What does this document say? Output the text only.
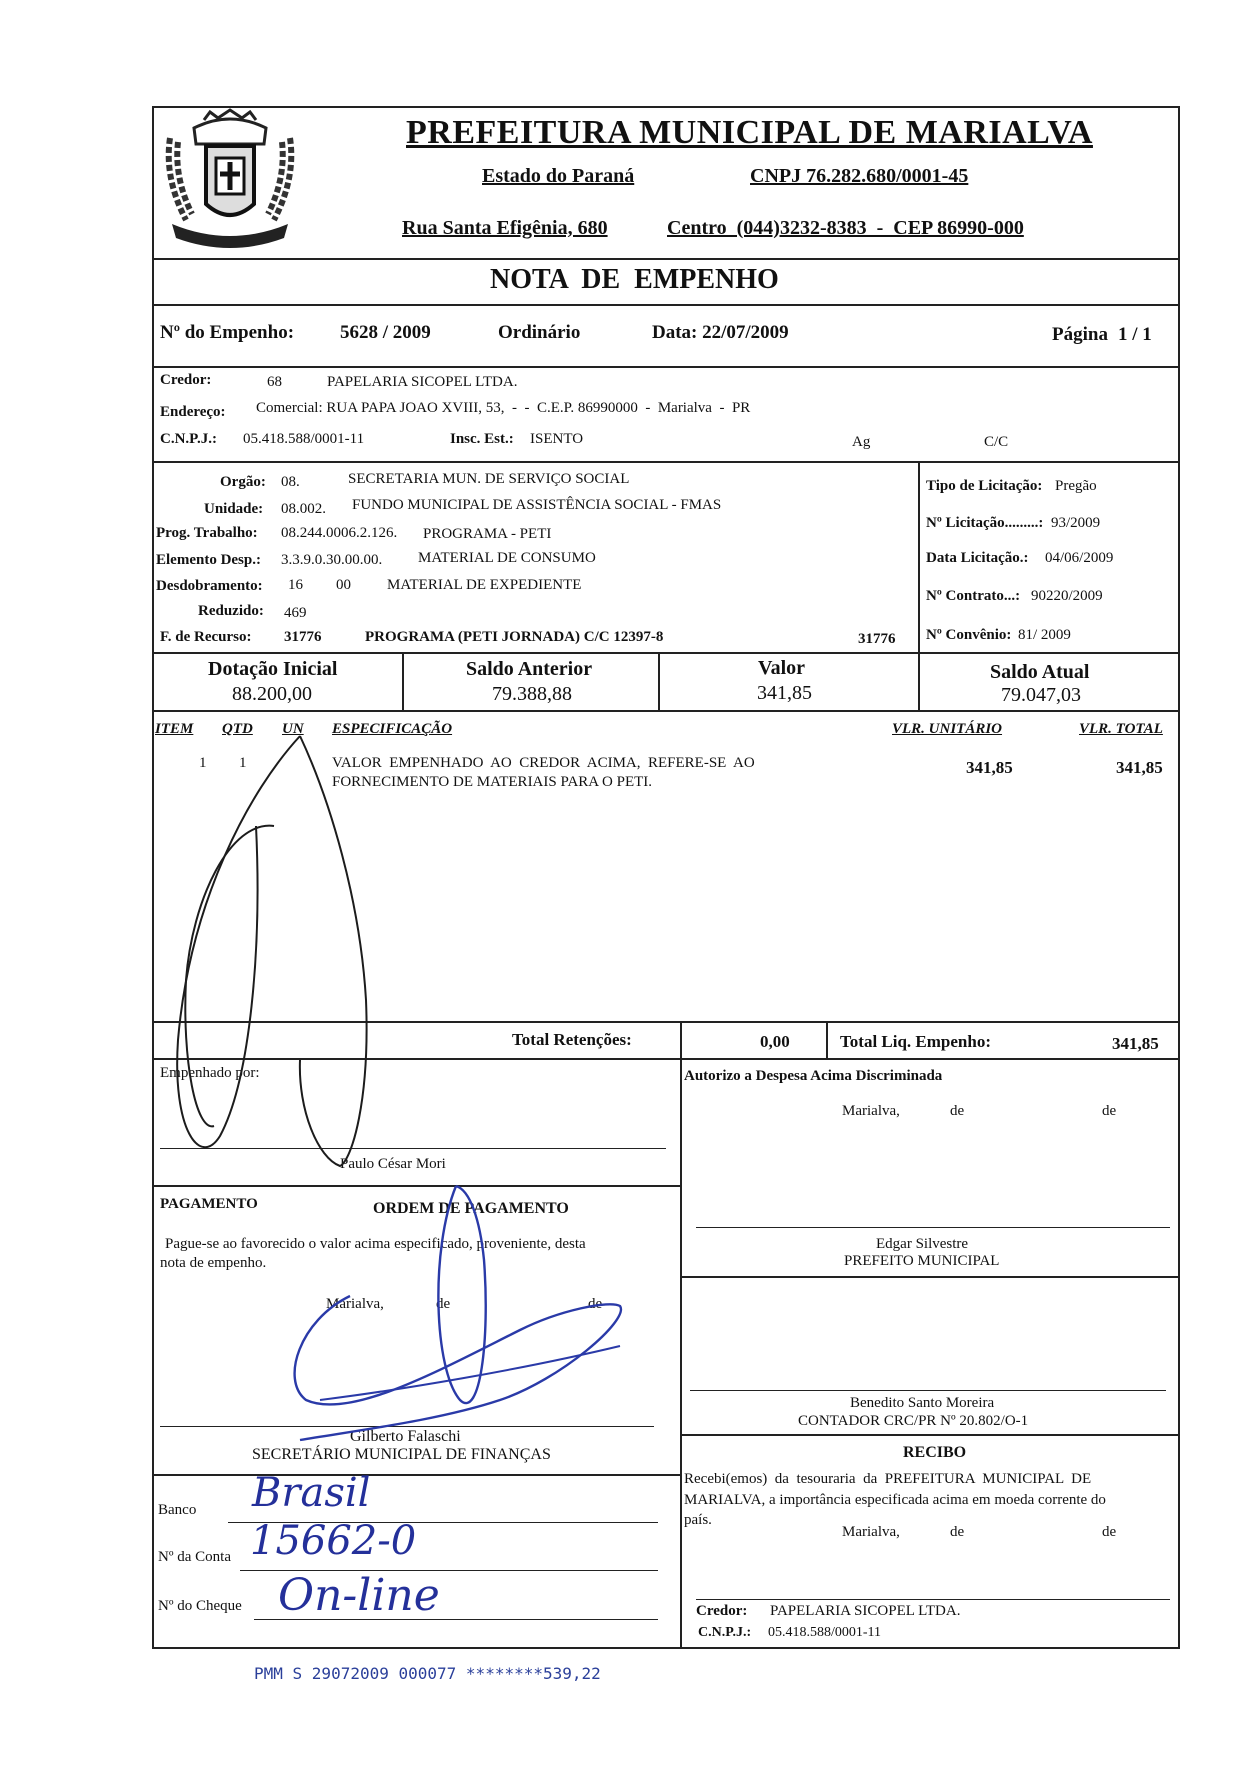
PREFEITURA MUNICIPAL DE MARIALVA
Estado do Paraná	CNPJ 76.282.680/0001-45
Rua Santa Efigênia, 680	Centro  (044)3232-8383  -  CEP 86990-000
NOTA  DE  EMPENHO
Nº do Empenho: 5628 / 2009	Ordinário	Data: 22/07/2009	Página 1 / 1
Credor:	68	PAPELARIA SICOPEL LTDA.
Endereço: Comercial: RUA PAPA JOAO XVIII, 53,  -  -  C.E.P. 86990000  -  Marialva  -  PR
C.N.P.J.: 05.418.588/0001-11	Insc. Est.: ISENTO	Ag	C/C
Orgão: 08.	SECRETARIA MUN. DE SERVIÇO SOCIAL
Unidade: 08.002. FUNDO MUNICIPAL DE ASSISTÊNCIA SOCIAL - FMAS
Prog. Trabalho: 08.244.0006.2.126. PROGRAMA - PETI
Elemento Desp.: 3.3.9.0.30.00.00. MATERIAL DE CONSUMO
Desdobramento: 16 00 MATERIAL DE EXPEDIENTE
Reduzido: 469
F. de Recurso: 31776	PROGRAMA (PETI JORNADA) C/C 12397-8	31776
Tipo de Licitação: Pregão
Nº Licitação.........: 93/2009
Data Licitação.: 04/06/2009
Nº Contrato...: 90220/2009
Nº Convênio: 81/ 2009
Dotação Inicial
88.200,00
Saldo Anterior
79.388,88
Valor
341,85
Saldo Atual
79.047,03
ITEM QTD UN ESPECIFICAÇÃO	VLR. UNITÁRIO	VLR. TOTAL
1 1	VALOR  EMPENHADO  AO  CREDOR  ACIMA,  REFERE-SE  AO
FORNECIMENTO DE MATERIAIS PARA O PETI.
341,85	341,85
Total Retenções:	0,00	Total Liq. Empenho:	341,85
Empenhado por:
Paulo César Mori
Autorizo a Despesa Acima Discriminada
Marialva,	de	de
PAGAMENTO	ORDEM DE PAGAMENTO
Pague-se ao favorecido o valor acima especificado, proveniente, desta
nota de empenho.
Marialva,	de	de
Gilberto Falaschi
SECRETÁRIO MUNICIPAL DE FINANÇAS
Edgar Silvestre
PREFEITO MUNICIPAL
Benedito Santo Moreira
CONTADOR CRC/PR Nº 20.802/O-1
RECIBO
Recebi(emos)  da  tesouraria  da  PREFEITURA  MUNICIPAL  DE
MARIALVA, a importância especificada acima em moeda corrente do
país.
Marialva,	de	de
Credor: PAPELARIA SICOPEL LTDA.
C.N.P.J.: 05.418.588/0001-11
Banco Brasil
Nº da Conta 15662-0
Nº do Cheque On-line
PMM S 29072009 000077 ********539,22
